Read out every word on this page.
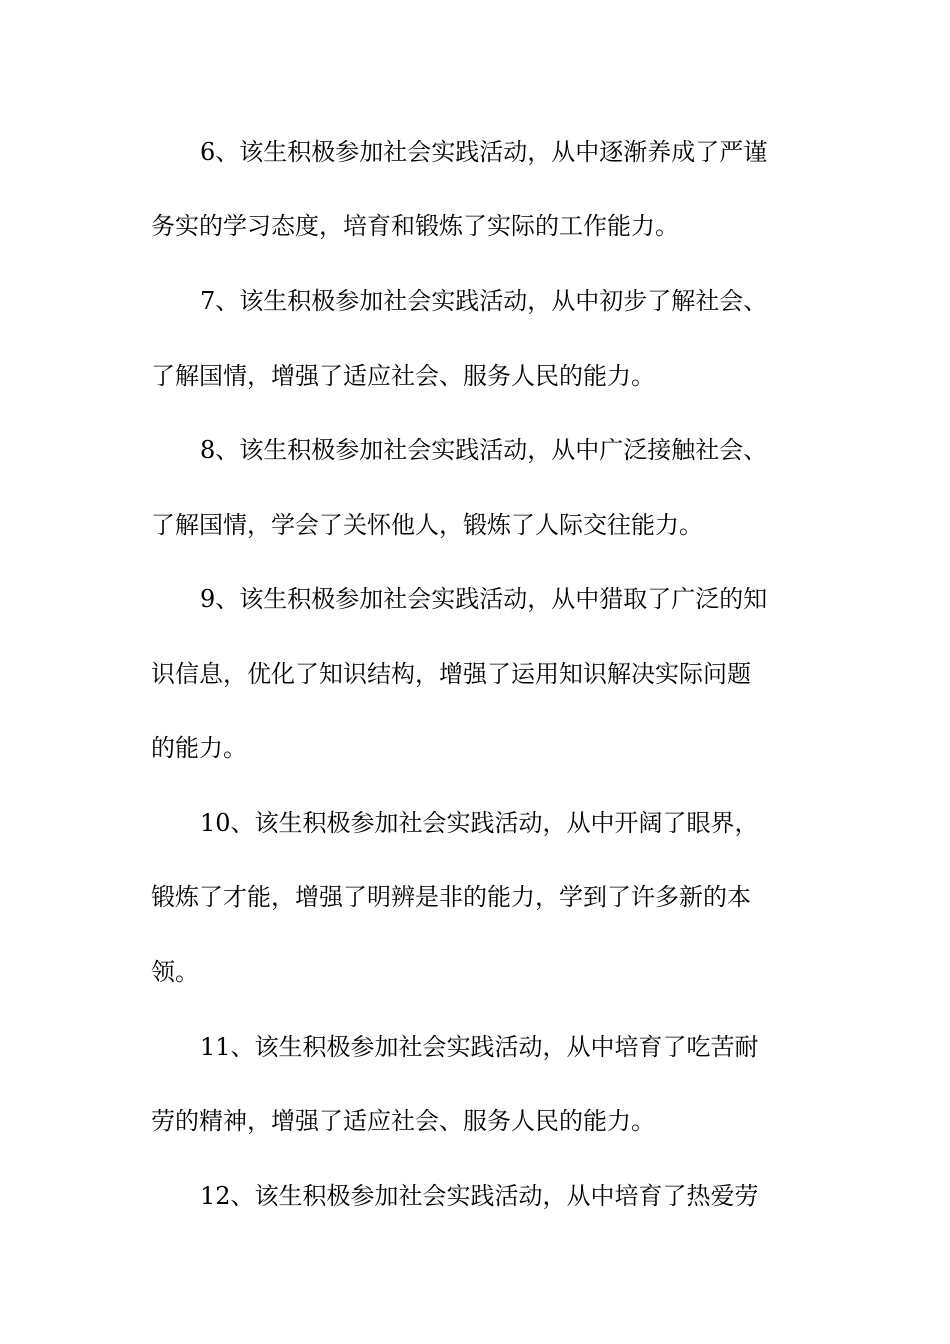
6、该生积极参加社会实践活动，从中逐渐养成了严谨

务实的学习态度，培育和锻炼了实际的工作能力。

7、该生积极参加社会实践活动，从中初步了解社会、

了解国情，增强了适应社会、服务人民的能力。

8、该生积极参加社会实践活动，从中广泛接触社会、

了解国情，学会了关怀他人，锻炼了人际交往能力。

9、该生积极参加社会实践活动，从中猎取了广泛的知

识信息，优化了知识结构，增强了运用知识解决实际问题

的能力。

10、该生积极参加社会实践活动，从中开阔了眼界，

锻炼了才能，增强了明辨是非的能力，学到了许多新的本

领。

11、该生积极参加社会实践活动，从中培育了吃苦耐

劳的精神，增强了适应社会、服务人民的能力。

12、该生积极参加社会实践活动，从中培育了热爱劳
